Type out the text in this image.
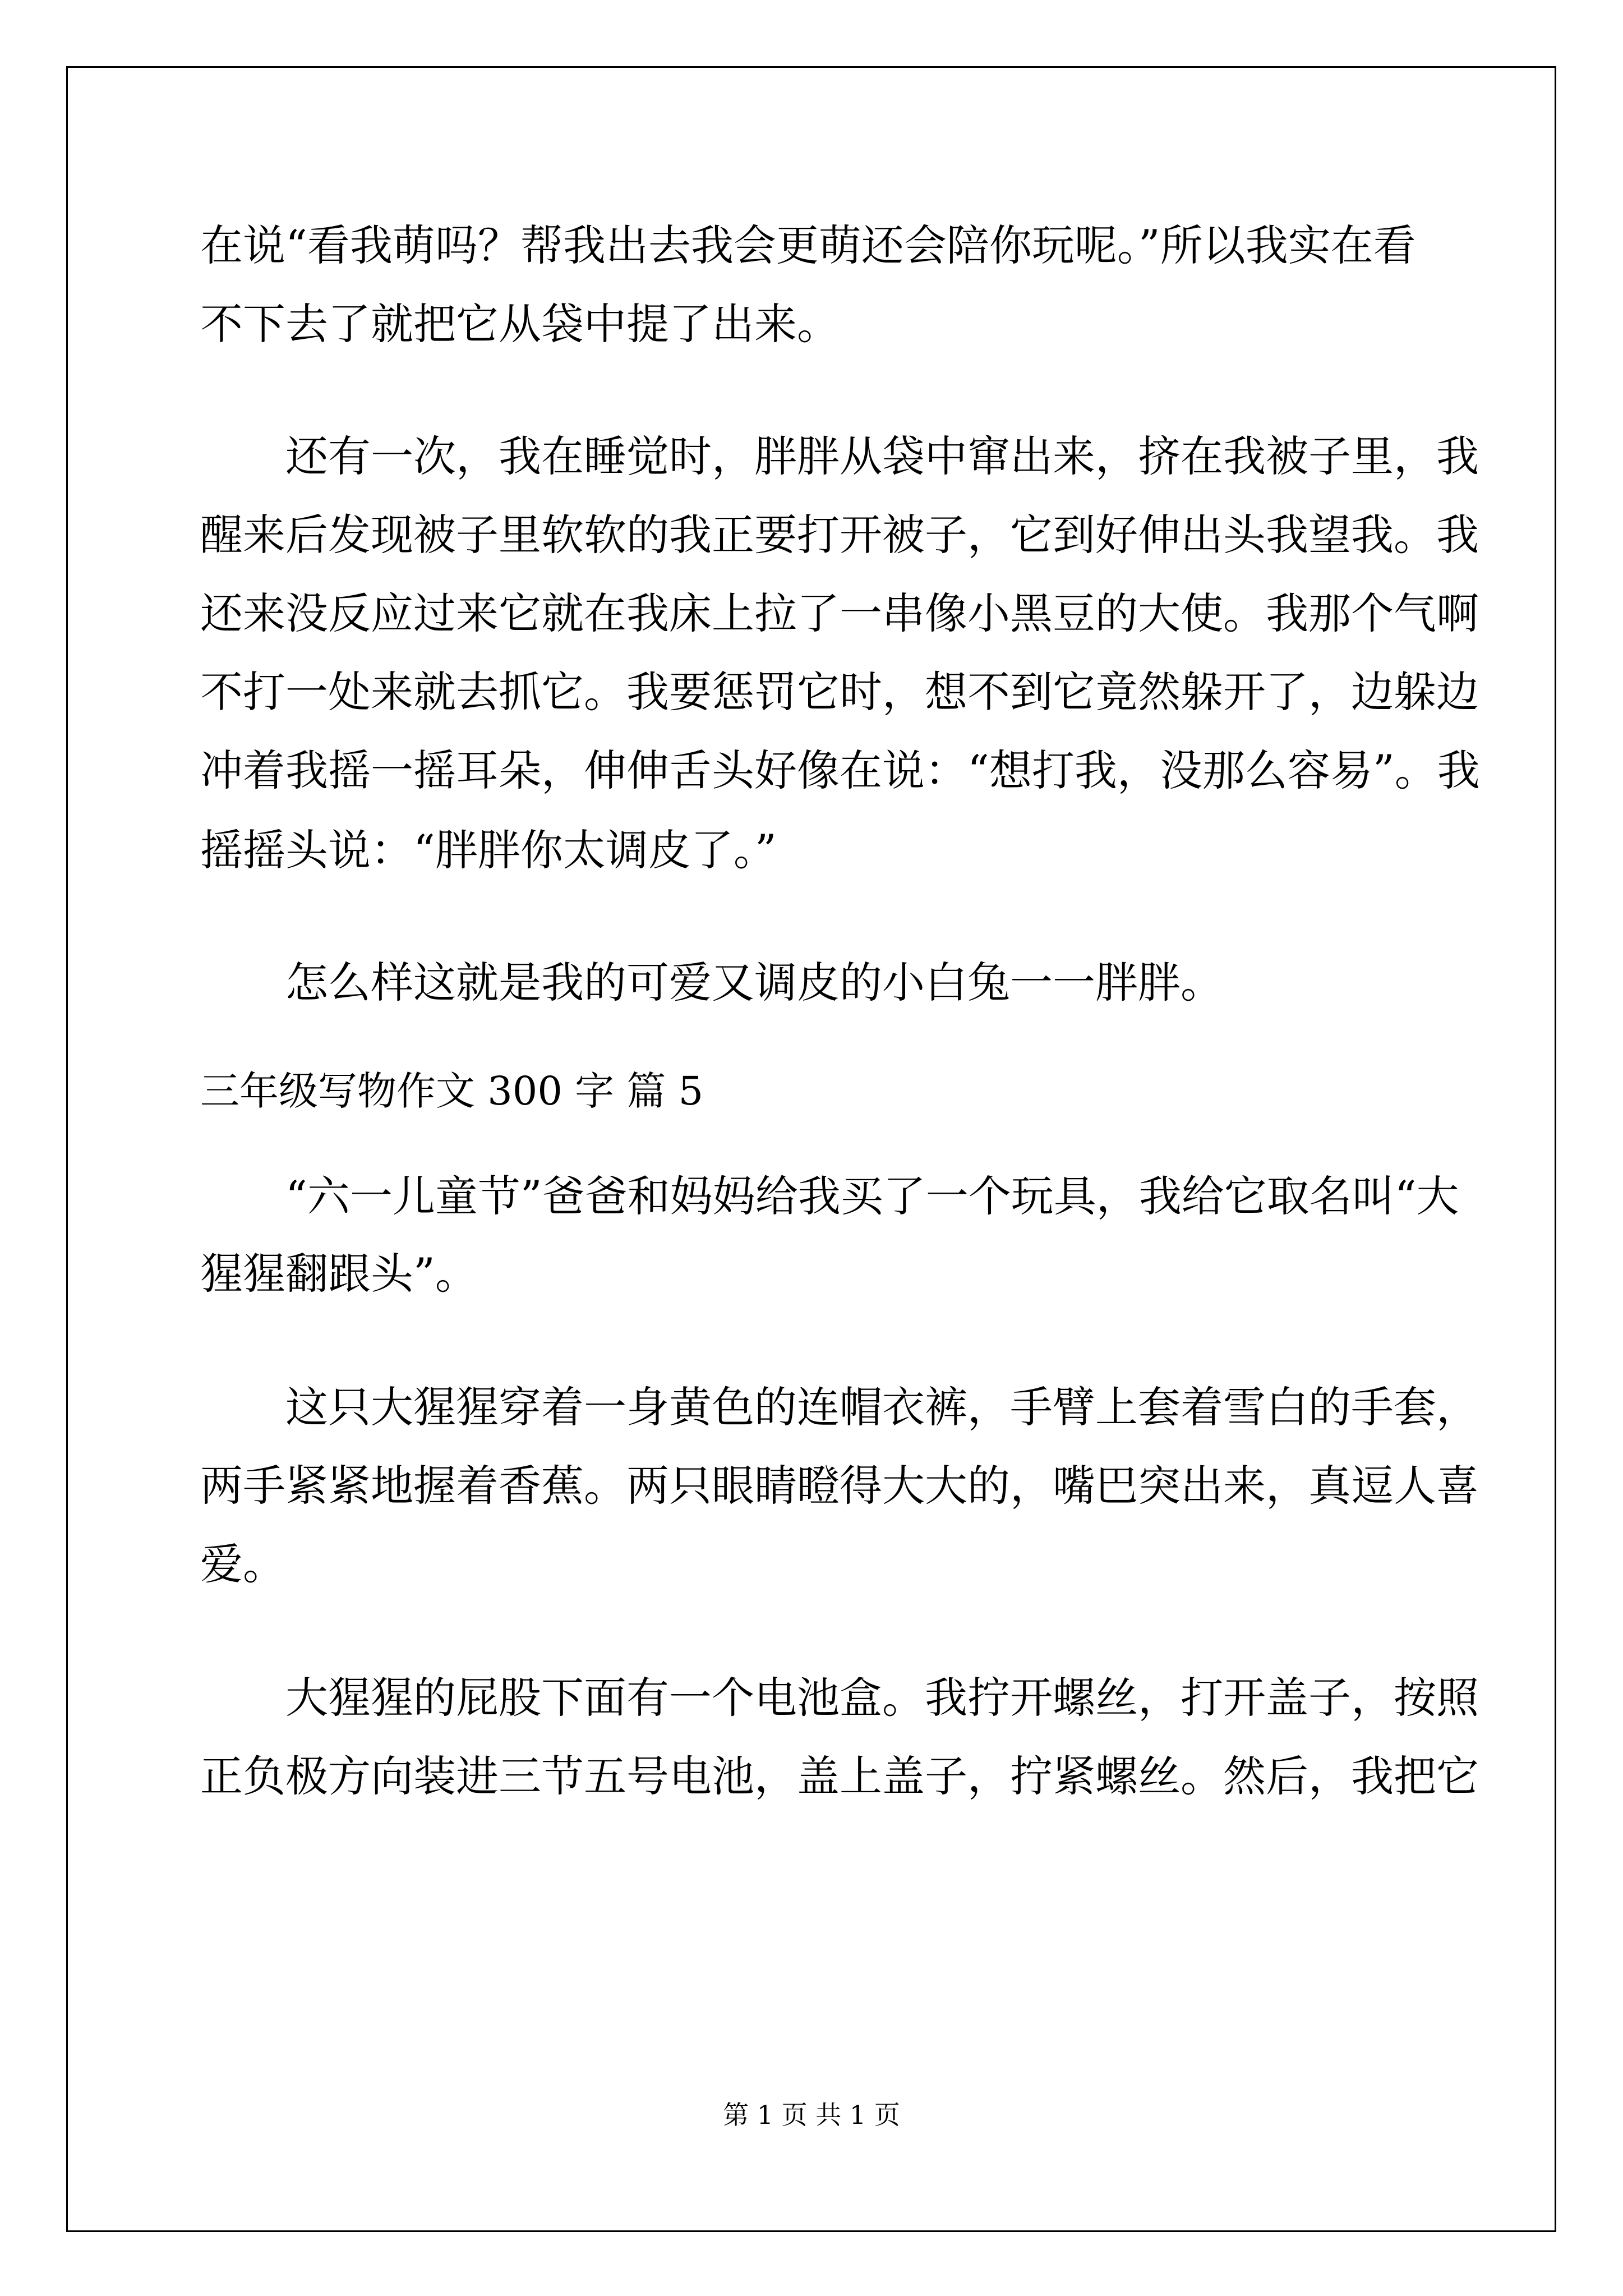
在说“看我萌吗？帮我出去我会更萌还会陪你玩呢。”所以我实在看
不下去了就把它从袋中提了出来。
　　还有一次，我在睡觉时，胖胖从袋中窜出来，挤在我被子里，我
醒来后发现被子里软软的我正要打开被子，它到好伸出头我望我。我
还来没反应过来它就在我床上拉了一串像小黑豆的大使。我那个气啊
不打一处来就去抓它。我要惩罚它时，想不到它竟然躲开了，边躲边
冲着我摇一摇耳朵，伸伸舌头好像在说：“想打我，没那么容易”。我
摇摇头说：“胖胖你太调皮了。”
　　怎么样这就是我的可爱又调皮的小白兔一一胖胖。
三年级写物作文 300 字 篇 5
　　“六一儿童节”爸爸和妈妈给我买了一个玩具，我给它取名叫“大
猩猩翻跟头”。
　　这只大猩猩穿着一身黄色的连帽衣裤，手臂上套着雪白的手套，
两手紧紧地握着香蕉。两只眼睛瞪得大大的，嘴巴突出来，真逗人喜
爱。
　　大猩猩的屁股下面有一个电池盒。我拧开螺丝，打开盖子，按照
正负极方向装进三节五号电池，盖上盖子，拧紧螺丝。然后，我把它
第 1 页 共 1 页
